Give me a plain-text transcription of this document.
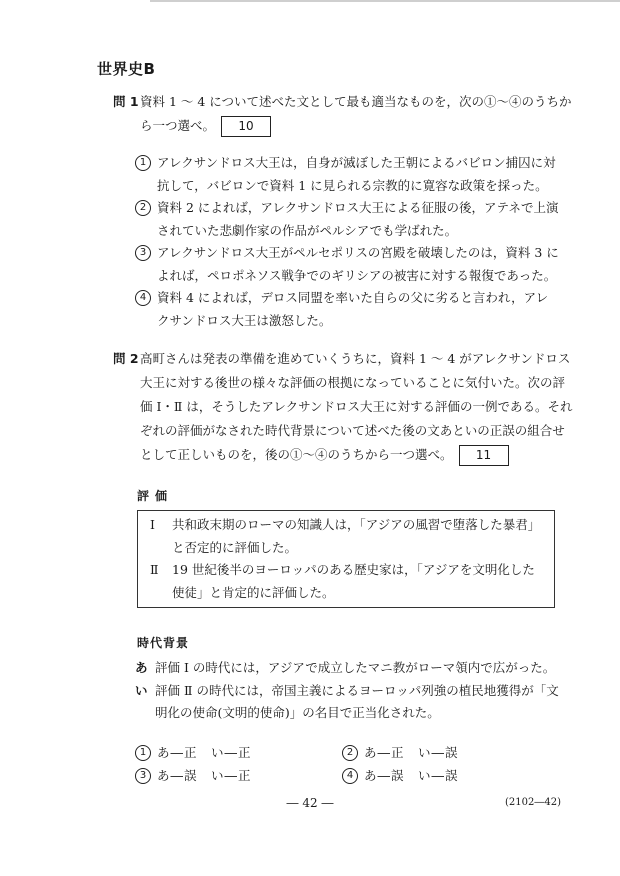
世界史B
問 1 資料 1 ～ 4 について述べた文として最も適当なものを，次の①～④のうちから一つ選べ。 10
1 アレクサンドロス大王は，自身が滅ぼした王朝によるバビロン捕囚に対抗して，バビロンで資料 1 に見られる宗教的に寛容な政策を採った。
2 資料 2 によれば，アレクサンドロス大王による征服の後，アテネで上演されていた悲劇作家の作品がペルシアでも学ばれた。
3 アレクサンドロス大王がペルセポリスの宮殿を破壊したのは，資料 3 によれば，ペロポネソス戦争でのギリシアの被害に対する報復であった。
4 資料 4 によれば，デロス同盟を率いた自らの父に劣ると言われ，アレクサンドロス大王は激怒した。
問 2 高町さんは発表の準備を進めていくうちに，資料 1 ～ 4 がアレクサンドロス大王に対する後世の様々な評価の根拠になっていることに気付いた。次の評価 Ⅰ・Ⅱ は，そうしたアレクサンドロス大王に対する評価の一例である。それぞれの評価がなされた時代背景について述べた後の文あといの正誤の組合せとして正しいものを，後の①～④のうちから一つ選べ。 11
評価
Ⅰ 共和政末期のローマの知識人は，「アジアの風習で堕落した暴君」と否定的に評価した。
Ⅱ 19 世紀後半のヨーロッパのある歴史家は，「アジアを文明化した使徒」と肯定的に評価した。
時代背景
あ 評価 Ⅰ の時代には，アジアで成立したマニ教がローマ領内で広がった。
い 評価 Ⅱ の時代には，帝国主義によるヨーロッパ列強の植民地獲得が「文明化の使命(文明的使命)」の名目で正当化された。
1 あ―正　い―正	2 あ―正　い―誤
3 あ―誤　い―正	4 あ―誤　い―誤
― 42 ―	(2102―42)
